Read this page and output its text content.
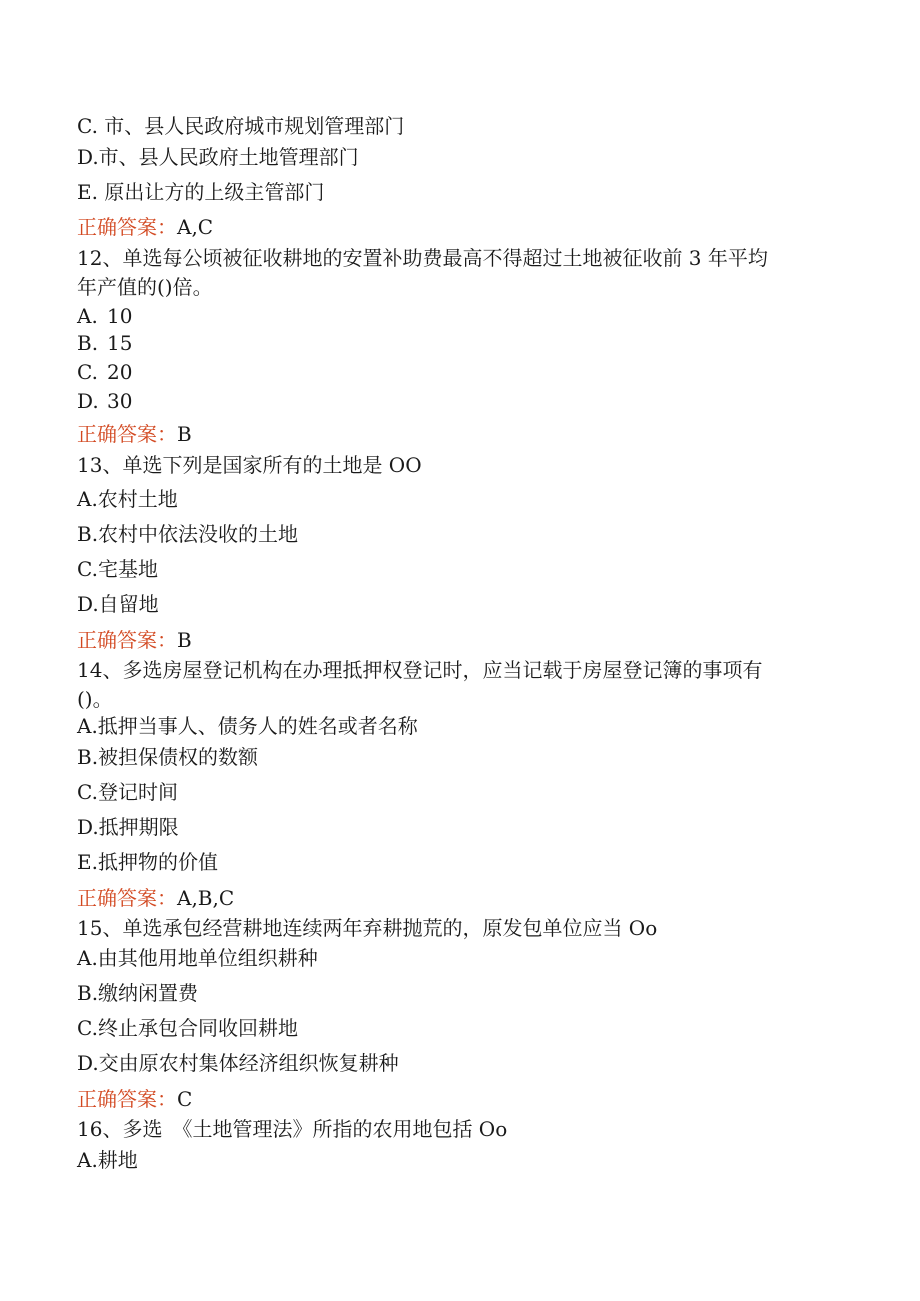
C. 市、县人民政府城市规划管理部门
D.市、县人民政府土地管理部门
E. 原出让方的上级主管部门
正确答案：A,C
12、单选每公顷被征收耕地的安置补助费最高不得超过土地被征收前 3 年平均
年产值的()倍。
A. 10
B. 15
C. 20
D. 30
正确答案：B
13、单选下列是国家所有的土地是 OO
A.农村土地
B.农村中依法没收的土地
C.宅基地
D.自留地
正确答案：B
14、多选房屋登记机构在办理抵押权登记时，应当记载于房屋登记簿的事项有
()。
A.抵押当事人、债务人的姓名或者名称
B.被担保债权的数额
C.登记时间
D.抵押期限
E.抵押物的价值
正确答案：A,B,C
15、单选承包经营耕地连续两年弃耕抛荒的，原发包单位应当 Oo
A.由其他用地单位组织耕种
B.缴纳闲置费
C.终止承包合同收回耕地
D.交由原农村集体经济组织恢复耕种
正确答案：C
16、多选　《土地管理法》所指的农用地包括 Oo
A.耕地
